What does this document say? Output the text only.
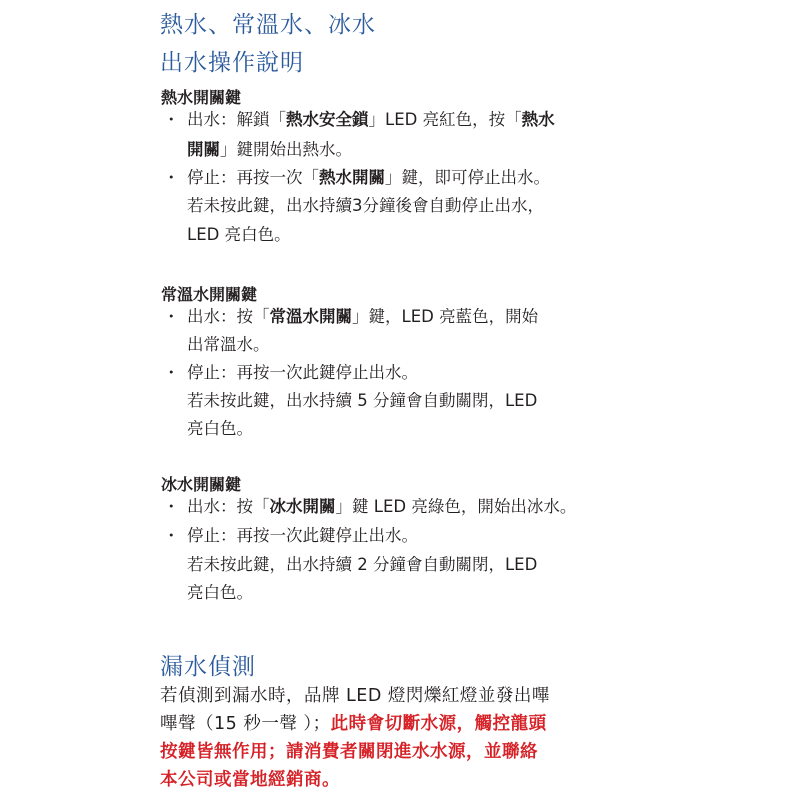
熱水、常溫水、冰水
出水操作說明
熱水開關鍵
・ 出水：解鎖「熱水安全鎖」LED 亮紅色，按「熱水
開關」鍵開始出熱水。
・ 停止：再按一次「熱水開關」鍵，即可停止出水。
若未按此鍵，出水持續3分鐘後會自動停止出水，
LED 亮白色。
常溫水開關鍵
・ 出水：按「常溫水開關」鍵，LED 亮藍色，開始
出常溫水。
・ 停止：再按一次此鍵停止出水。
若未按此鍵，出水持續 5 分鐘會自動關閉，LED
亮白色。
冰水開關鍵
・ 出水：按「冰水開關」鍵 LED 亮綠色，開始出冰水。
・ 停止：再按一次此鍵停止出水。
若未按此鍵，出水持續 2 分鐘會自動關閉，LED
亮白色。
漏水偵測
若偵測到漏水時，品牌 LED 燈閃爍紅燈並發出嗶
嗶聲（15 秒一聲 ）；此時會切斷水源，觸控龍頭
按鍵皆無作用；請消費者關閉進水水源，並聯絡
本公司或當地經銷商。
